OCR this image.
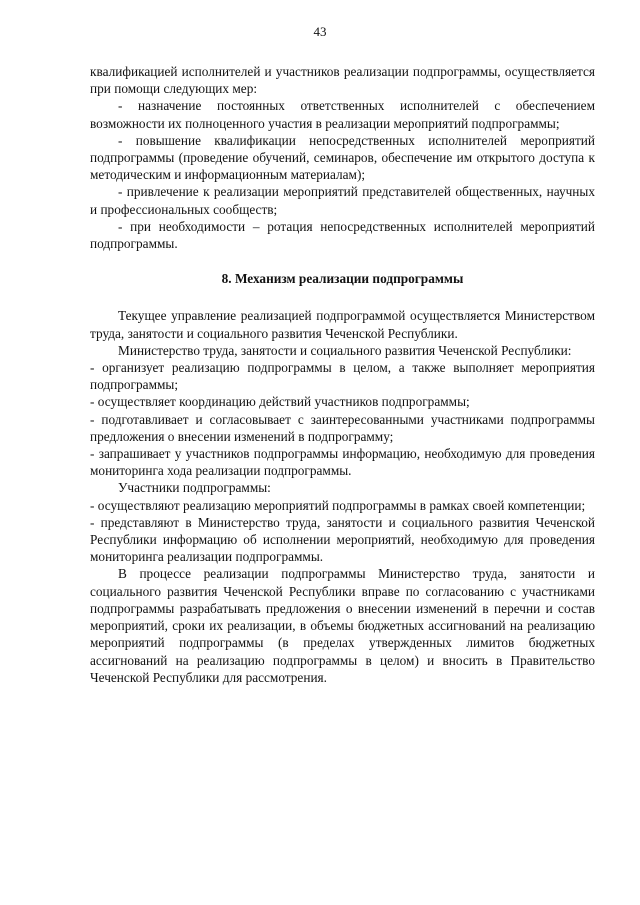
43

квалификацией исполнителей и участников реализации подпрограммы, осуществляется при помощи следующих мер:

- назначение постоянных ответственных исполнителей с обеспечением возможности их полноценного участия в реализации мероприятий подпрограммы;

- повышение квалификации непосредственных исполнителей мероприятий подпрограммы (проведение обучений, семинаров, обеспечение им открытого доступа к методическим и информационным материалам);

- привлечение к реализации мероприятий представителей общественных, научных и профессиональных сообществ;

- при необходимости – ротация непосредственных исполнителей мероприятий подпрограммы.

8. Механизм реализации подпрограммы

Текущее управление реализацией подпрограммой осуществляется Министерством труда, занятости и социального развития Чеченской Республики.

Министерство труда, занятости и социального развития Чеченской Республики:

- организует реализацию подпрограммы в целом, а также выполняет мероприятия подпрограммы;

- осуществляет координацию действий участников подпрограммы;

- подготавливает и согласовывает с заинтересованными участниками подпрограммы предложения о внесении изменений в подпрограмму;

- запрашивает у участников подпрограммы информацию, необходимую для проведения мониторинга хода реализации подпрограммы.

Участники подпрограммы:

- осуществляют реализацию мероприятий подпрограммы в рамках своей компетенции;

- представляют в Министерство труда, занятости и социального развития Чеченской Республики информацию об исполнении мероприятий, необходимую для проведения мониторинга реализации подпрограммы.

В процессе реализации подпрограммы Министерство труда, занятости и социального развития Чеченской Республики вправе по согласованию с участниками подпрограммы разрабатывать предложения о внесении изменений в перечни и состав мероприятий, сроки их реализации, в объемы бюджетных ассигнований на реализацию мероприятий подпрограммы (в пределах утвержденных лимитов бюджетных ассигнований на реализацию подпрограммы в целом) и вносить в Правительство Чеченской Республики для рассмотрения.
